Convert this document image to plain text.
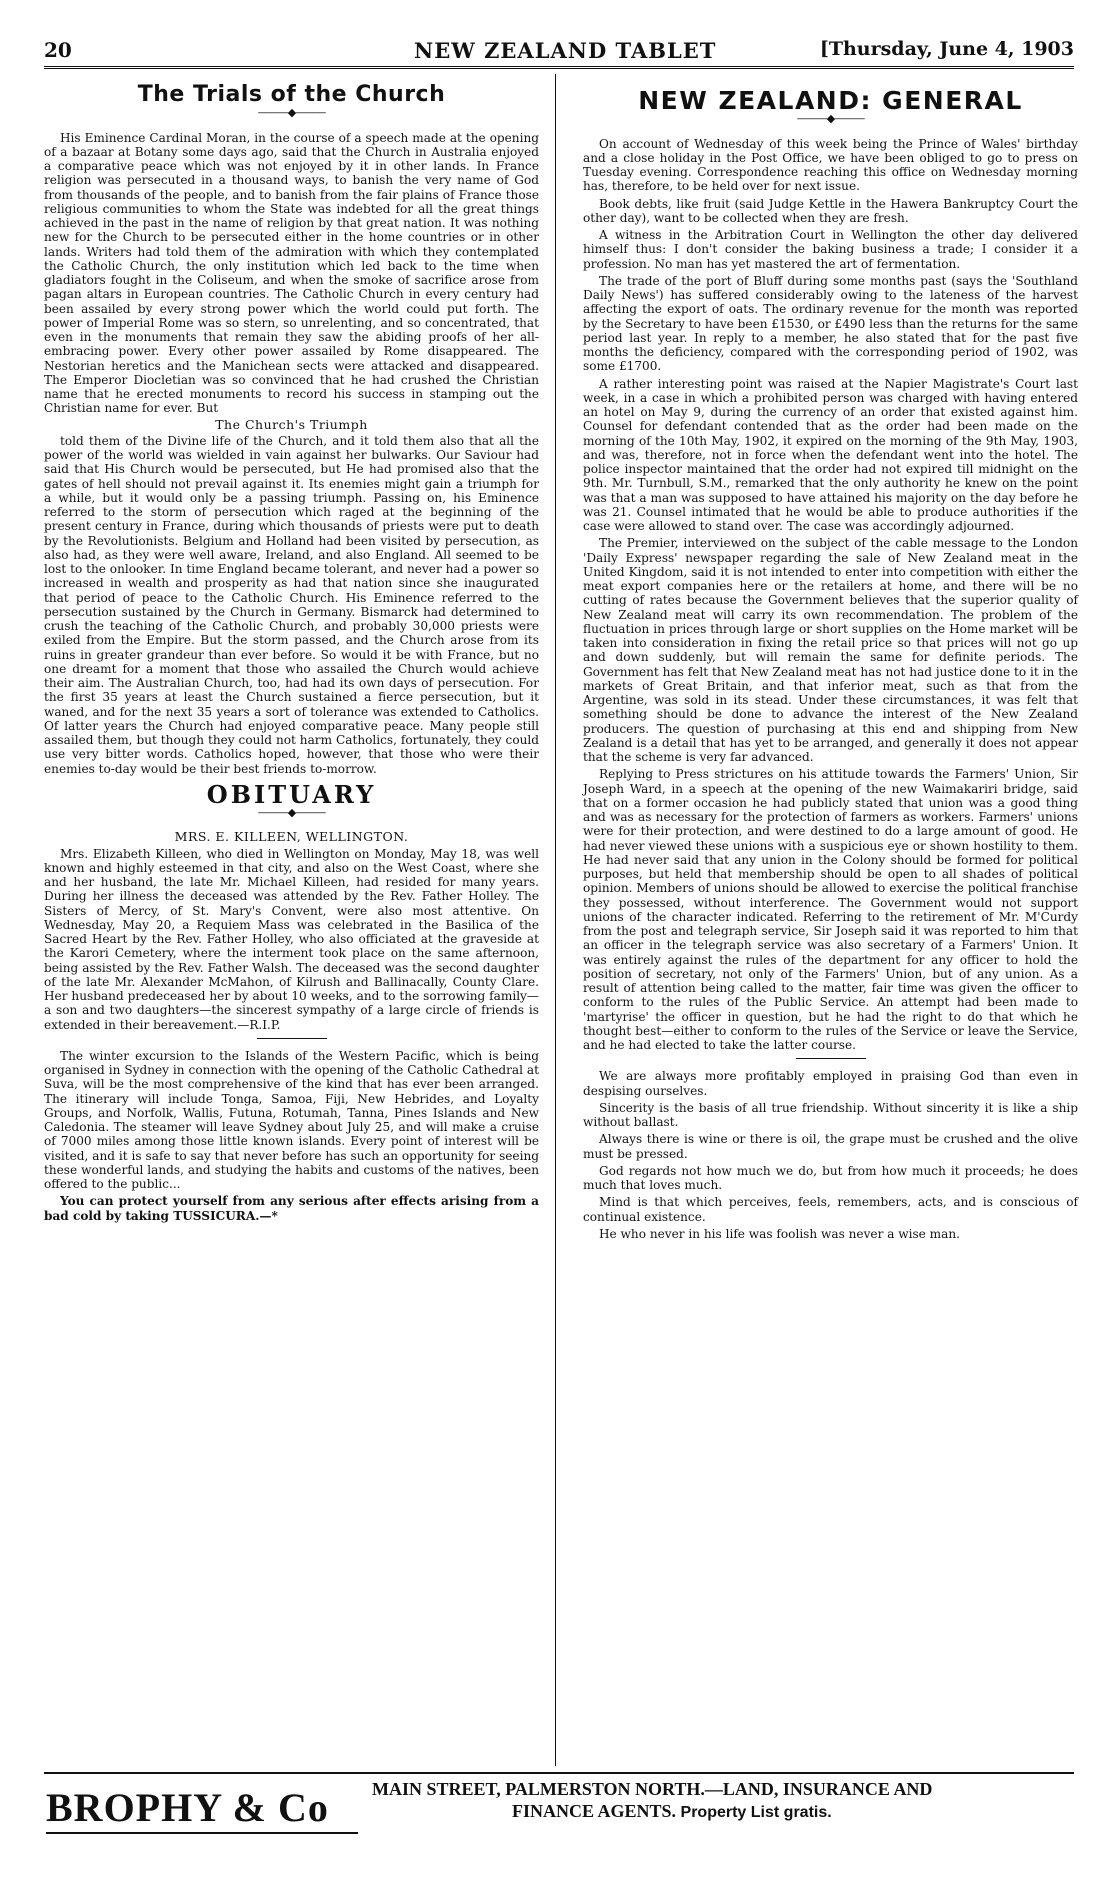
20	NEW ZEALAND TABLET	[Thursday, June 4, 1903
The Trials of the Church
———◆———

His Eminence Cardinal Moran, in the course of a speech made at the opening of a bazaar at Botany some days ago, said that the Church in Australia enjoyed a comparative peace which was not enjoyed by it in other lands. In France religion was persecuted in a thousand ways, to banish the very name of God from thousands of the people, and to banish from the fair plains of France those religious communities to whom the State was indebted for all the great things achieved in the past in the name of religion by that great nation. It was nothing new for the Church to be persecuted either in the home countries or in other lands. Writers had told them of the admiration with which they contemplated the Catholic Church, the only institution which led back to the time when gladiators fought in the Coliseum, and when the smoke of sacrifice arose from pagan altars in European countries. The Catholic Church in every century had been assailed by every strong power which the world could put forth. The power of Imperial Rome was so stern, so unrelenting, and so concentrated, that even in the monuments that remain they saw the abiding proofs of her all-embracing power. Every other power assailed by Rome disappeared. The Nestorian heretics and the Manichean sects were attacked and disappeared. The Emperor Diocletian was so convinced that he had crushed the Christian name that he erected monuments to record his success in stamping out the Christian name for ever. But

The Church's Triumph

told them of the Divine life of the Church, and it told them also that all the power of the world was wielded in vain against her bulwarks. Our Saviour had said that His Church would be persecuted, but He had promised also that the gates of hell should not prevail against it. Its enemies might gain a triumph for a while, but it would only be a passing triumph. Passing on, his Eminence referred to the storm of persecution which raged at the beginning of the present century in France, during which thousands of priests were put to death by the Revolutionists. Belgium and Holland had been visited by persecution, as also had, as they were well aware, Ireland, and also England. All seemed to be lost to the onlooker. In time England became tolerant, and never had a power so increased in wealth and prosperity as had that nation since she inaugurated that period of peace to the Catholic Church. His Eminence referred to the persecution sustained by the Church in Germany. Bismarck had determined to crush the teaching of the Catholic Church, and probably 30,000 priests were exiled from the Empire. But the storm passed, and the Church arose from its ruins in greater grandeur than ever before. So would it be with France, but no one dreamt for a moment that those who assailed the Church would achieve their aim. The Australian Church, too, had had its own days of persecution. For the first 35 years at least the Church sustained a fierce persecution, but it waned, and for the next 35 years a sort of tolerance was extended to Catholics. Of latter years the Church had enjoyed comparative peace. Many people still assailed them, but though they could not harm Catholics, fortunately, they could use very bitter words. Catholics hoped, however, that those who were their enemies to-day would be their best friends to-morrow.

OBITUARY
———◆———
MRS. E. KILLEEN, WELLINGTON.

Mrs. Elizabeth Killeen, who died in Wellington on Monday, May 18, was well known and highly esteemed in that city, and also on the West Coast, where she and her husband, the late Mr. Michael Killeen, had resided for many years. During her illness the deceased was attended by the Rev. Father Holley. The Sisters of Mercy, of St. Mary's Convent, were also most attentive. On Wednesday, May 20, a Requiem Mass was celebrated in the Basilica of the Sacred Heart by the Rev. Father Holley, who also officiated at the graveside at the Karori Cemetery, where the interment took place on the same afternoon, being assisted by the Rev. Father Walsh. The deceased was the second daughter of the late Mr. Alexander McMahon, of Kilrush and Ballinacally, County Clare. Her husband predeceased her by about 10 weeks, and to the sorrowing family—a son and two daughters—the sincerest sympathy of a large circle of friends is extended in their bereavement.—R.I.P.

The winter excursion to the Islands of the Western Pacific, which is being organised in Sydney in connection with the opening of the Catholic Cathedral at Suva, will be the most comprehensive of the kind that has ever been arranged. The itinerary will include Tonga, Samoa, Fiji, New Hebrides, and Loyalty Groups, and Norfolk, Wallis, Futuna, Rotumah, Tanna, Pines Islands and New Caledonia. The steamer will leave Sydney about July 25, and will make a cruise of 7000 miles among those little known islands. Every point of interest will be visited, and it is safe to say that never before has such an opportunity for seeing these wonderful lands, and studying the habits and customs of the natives, been offered to the public...

You can protect yourself from any serious after effects arising from a bad cold by taking TUSSICURA.—*

NEW ZEALAND: GENERAL
———◆———

On account of Wednesday of this week being the Prince of Wales' birthday and a close holiday in the Post Office, we have been obliged to go to press on Tuesday evening. Correspondence reaching this office on Wednesday morning has, therefore, to be held over for next issue.

Book debts, like fruit (said Judge Kettle in the Hawera Bankruptcy Court the other day), want to be collected when they are fresh.

A witness in the Arbitration Court in Wellington the other day delivered himself thus: I don't consider the baking business a trade; I consider it a profession. No man has yet mastered the art of fermentation.

The trade of the port of Bluff during some months past (says the 'Southland Daily News') has suffered considerably owing to the lateness of the harvest affecting the export of oats. The ordinary revenue for the month was reported by the Secretary to have been £1530, or £490 less than the returns for the same period last year. In reply to a member, he also stated that for the past five months the deficiency, compared with the corresponding period of 1902, was some £1700.

A rather interesting point was raised at the Napier Magistrate's Court last week, in a case in which a prohibited person was charged with having entered an hotel on May 9, during the currency of an order that existed against him. Counsel for defendant contended that as the order had been made on the morning of the 10th May, 1902, it expired on the morning of the 9th May, 1903, and was, therefore, not in force when the defendant went into the hotel. The police inspector maintained that the order had not expired till midnight on the 9th. Mr. Turnbull, S.M., remarked that the only authority he knew on the point was that a man was supposed to have attained his majority on the day before he was 21. Counsel intimated that he would be able to produce authorities if the case were allowed to stand over. The case was accordingly adjourned.

The Premier, interviewed on the subject of the cable message to the London 'Daily Express' newspaper regarding the sale of New Zealand meat in the United Kingdom, said it is not intended to enter into competition with either the meat export companies here or the retailers at home, and there will be no cutting of rates because the Government believes that the superior quality of New Zealand meat will carry its own recommendation. The problem of the fluctuation in prices through large or short supplies on the Home market will be taken into consideration in fixing the retail price so that prices will not go up and down suddenly, but will remain the same for definite periods. The Government has felt that New Zealand meat has not had justice done to it in the markets of Great Britain, and that inferior meat, such as that from the Argentine, was sold in its stead. Under these circumstances, it was felt that something should be done to advance the interest of the New Zealand producers. The question of purchasing at this end and shipping from New Zealand is a detail that has yet to be arranged, and generally it does not appear that the scheme is very far advanced.

Replying to Press strictures on his attitude towards the Farmers' Union, Sir Joseph Ward, in a speech at the opening of the new Waimakariri bridge, said that on a former occasion he had publicly stated that union was a good thing and was as necessary for the protection of farmers as workers. Farmers' unions were for their protection, and were destined to do a large amount of good. He had never viewed these unions with a suspicious eye or shown hostility to them. He had never said that any union in the Colony should be formed for political purposes, but held that membership should be open to all shades of political opinion. Members of unions should be allowed to exercise the political franchise they possessed, without interference. The Government would not support unions of the character indicated. Referring to the retirement of Mr. M'Curdy from the post and telegraph service, Sir Joseph said it was reported to him that an officer in the telegraph service was also secretary of a Farmers' Union. It was entirely against the rules of the department for any officer to hold the position of secretary, not only of the Farmers' Union, but of any union. As a result of attention being called to the matter, fair time was given the officer to conform to the rules of the Public Service. An attempt had been made to 'martyrise' the officer in question, but he had the right to do that which he thought best—either to conform to the rules of the Service or leave the Service, and he had elected to take the latter course.

We are always more profitably employed in praising God than even in despising ourselves.

Sincerity is the basis of all true friendship. Without sincerity it is like a ship without ballast.

Always there is wine or there is oil, the grape must be crushed and the olive must be pressed.

God regards not how much we do, but from how much it proceeds; he does much that loves much.

Mind is that which perceives, feels, remembers, acts, and is conscious of continual existence.

He who never in his life was foolish was never a wise man.

BROPHY & Co MAIN STREET, PALMERSTON NORTH.—LAND, INSURANCE AND
FINANCE AGENTS. Property List gratis.
